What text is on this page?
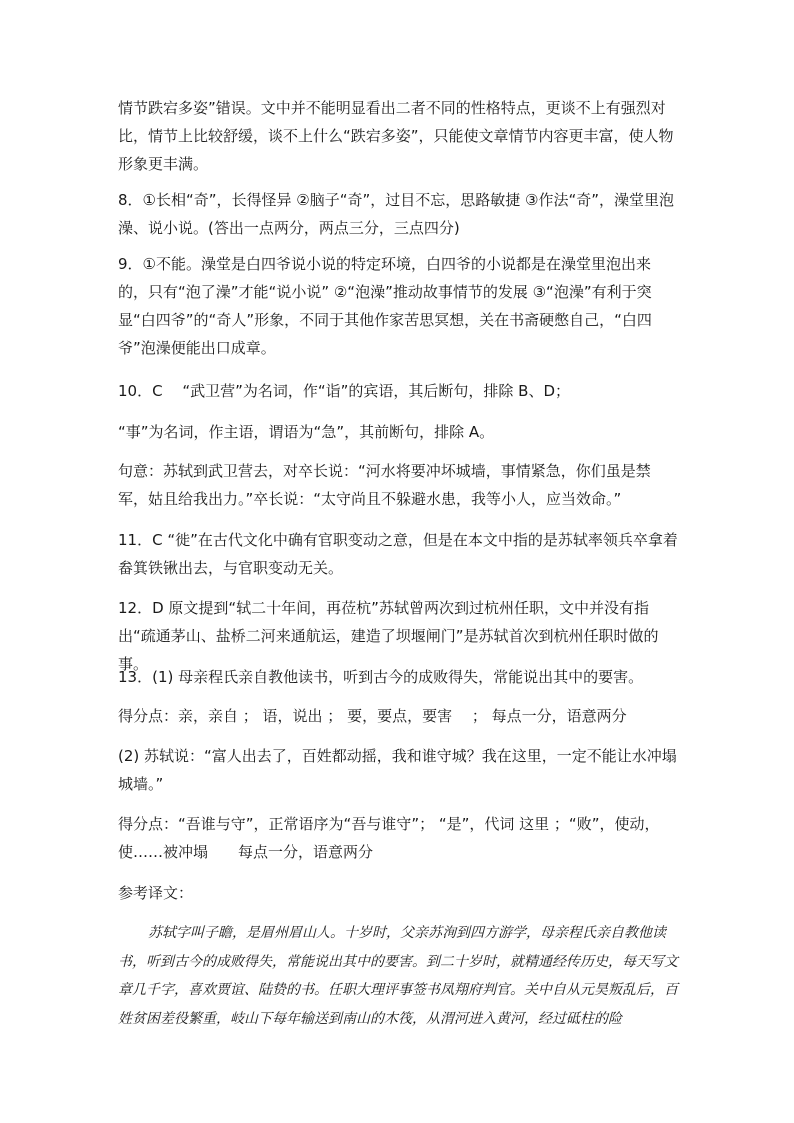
情节跌宕多姿”错误。文中并不能明显看出二者不同的性格特点，更谈不上有强烈对比，情节上比较舒缓，谈不上什么“跌宕多姿”，只能使文章情节内容更丰富，使人物形象更丰满。

8．①长相“奇”，长得怪异 ②脑子“奇”，过目不忘，思路敏捷 ③作法“奇”，澡堂里泡澡、说小说。(答出一点两分，两点三分，三点四分)

9．①不能。澡堂是白四爷说小说的特定环境，白四爷的小说都是在澡堂里泡出来的，只有“泡了澡”才能“说小说” ②“泡澡”推动故事情节的发展 ③“泡澡”有利于突显“白四爷”的“奇人”形象，不同于其他作家苦思冥想，关在书斋硬憋自己，“白四爷”泡澡便能出口成章。

10．C　 “武卫营”为名词，作“诣”的宾语，其后断句，排除 B、D；

“事”为名词，作主语，谓语为“急”，其前断句，排除 A。

句意：苏轼到武卫营去，对卒长说：“河水将要冲坏城墙，事情紧急，你们虽是禁军，姑且给我出力。”卒长说：“太守尚且不躲避水患，我等小人，应当效命。”

11．C “徙”在古代文化中确有官职变动之意，但是在本文中指的是苏轼率领兵卒拿着畚箕铁锹出去，与官职变动无关。

12．D 原文提到“轼二十年间，再莅杭”苏轼曾两次到过杭州任职，文中并没有指出“疏通茅山、盐桥二河来通航运，建造了坝堰闸门”是苏轼首次到杭州任职时做的事。

13．(1) 母亲程氏亲自教他读书，听到古今的成败得失，常能说出其中的要害。

得分点：亲，亲自 ； 语，说出 ； 要，要点，要害　 ； 每点一分，语意两分

(2) 苏轼说：“富人出去了，百姓都动摇，我和谁守城？我在这里，一定不能让水冲塌城墙。”

得分点：“吾谁与守”，正常语序为“吾与谁守”； “是”，代词 这里 ；“败”，使动，使……被冲塌　　每点一分，语意两分

参考译文：

苏轼字叫子瞻，是眉州眉山人。十岁时，父亲苏洵到四方游学，母亲程氏亲自教他读书，听到古今的成败得失，常能说出其中的要害。到二十岁时，就精通经传历史，每天写文章几千字，喜欢贾谊、陆贽的书。任职大理评事签书凤翔府判官。关中自从元昊叛乱后，百姓贫困差役繁重，岐山下每年输送到南山的木筏，从渭河进入黄河，经过砥柱的险
